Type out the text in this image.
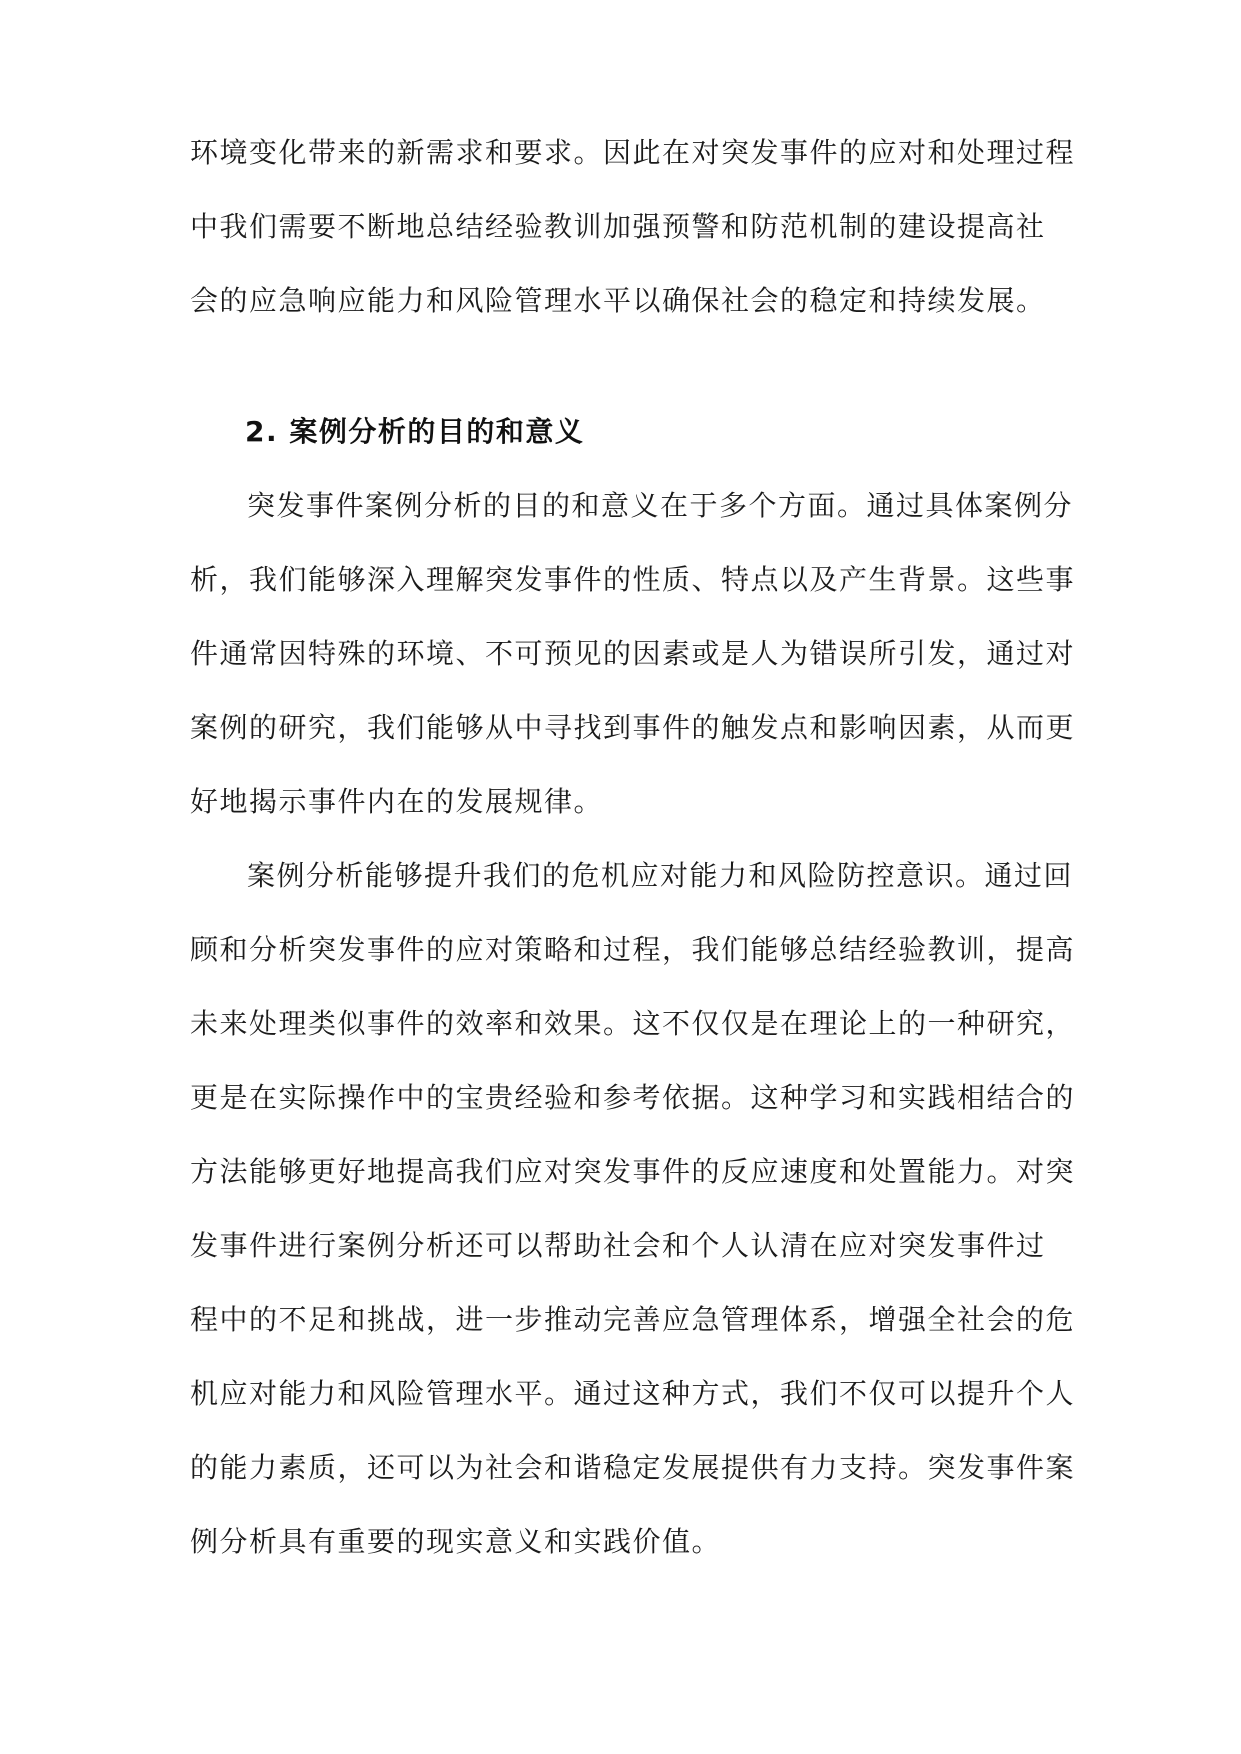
环境变化带来的新需求和要求。因此在对突发事件的应对和处理过程

中我们需要不断地总结经验教训加强预警和防范机制的建设提高社

会的应急响应能力和风险管理水平以确保社会的稳定和持续发展。

2. 案例分析的目的和意义

突发事件案例分析的目的和意义在于多个方面。通过具体案例分

析，我们能够深入理解突发事件的性质、特点以及产生背景。这些事

件通常因特殊的环境、不可预见的因素或是人为错误所引发，通过对

案例的研究，我们能够从中寻找到事件的触发点和影响因素，从而更

好地揭示事件内在的发展规律。

案例分析能够提升我们的危机应对能力和风险防控意识。通过回

顾和分析突发事件的应对策略和过程，我们能够总结经验教训，提高

未来处理类似事件的效率和效果。这不仅仅是在理论上的一种研究，

更是在实际操作中的宝贵经验和参考依据。这种学习和实践相结合的

方法能够更好地提高我们应对突发事件的反应速度和处置能力。对突

发事件进行案例分析还可以帮助社会和个人认清在应对突发事件过

程中的不足和挑战，进一步推动完善应急管理体系，增强全社会的危

机应对能力和风险管理水平。通过这种方式，我们不仅可以提升个人

的能力素质，还可以为社会和谐稳定发展提供有力支持。突发事件案

例分析具有重要的现实意义和实践价值。
